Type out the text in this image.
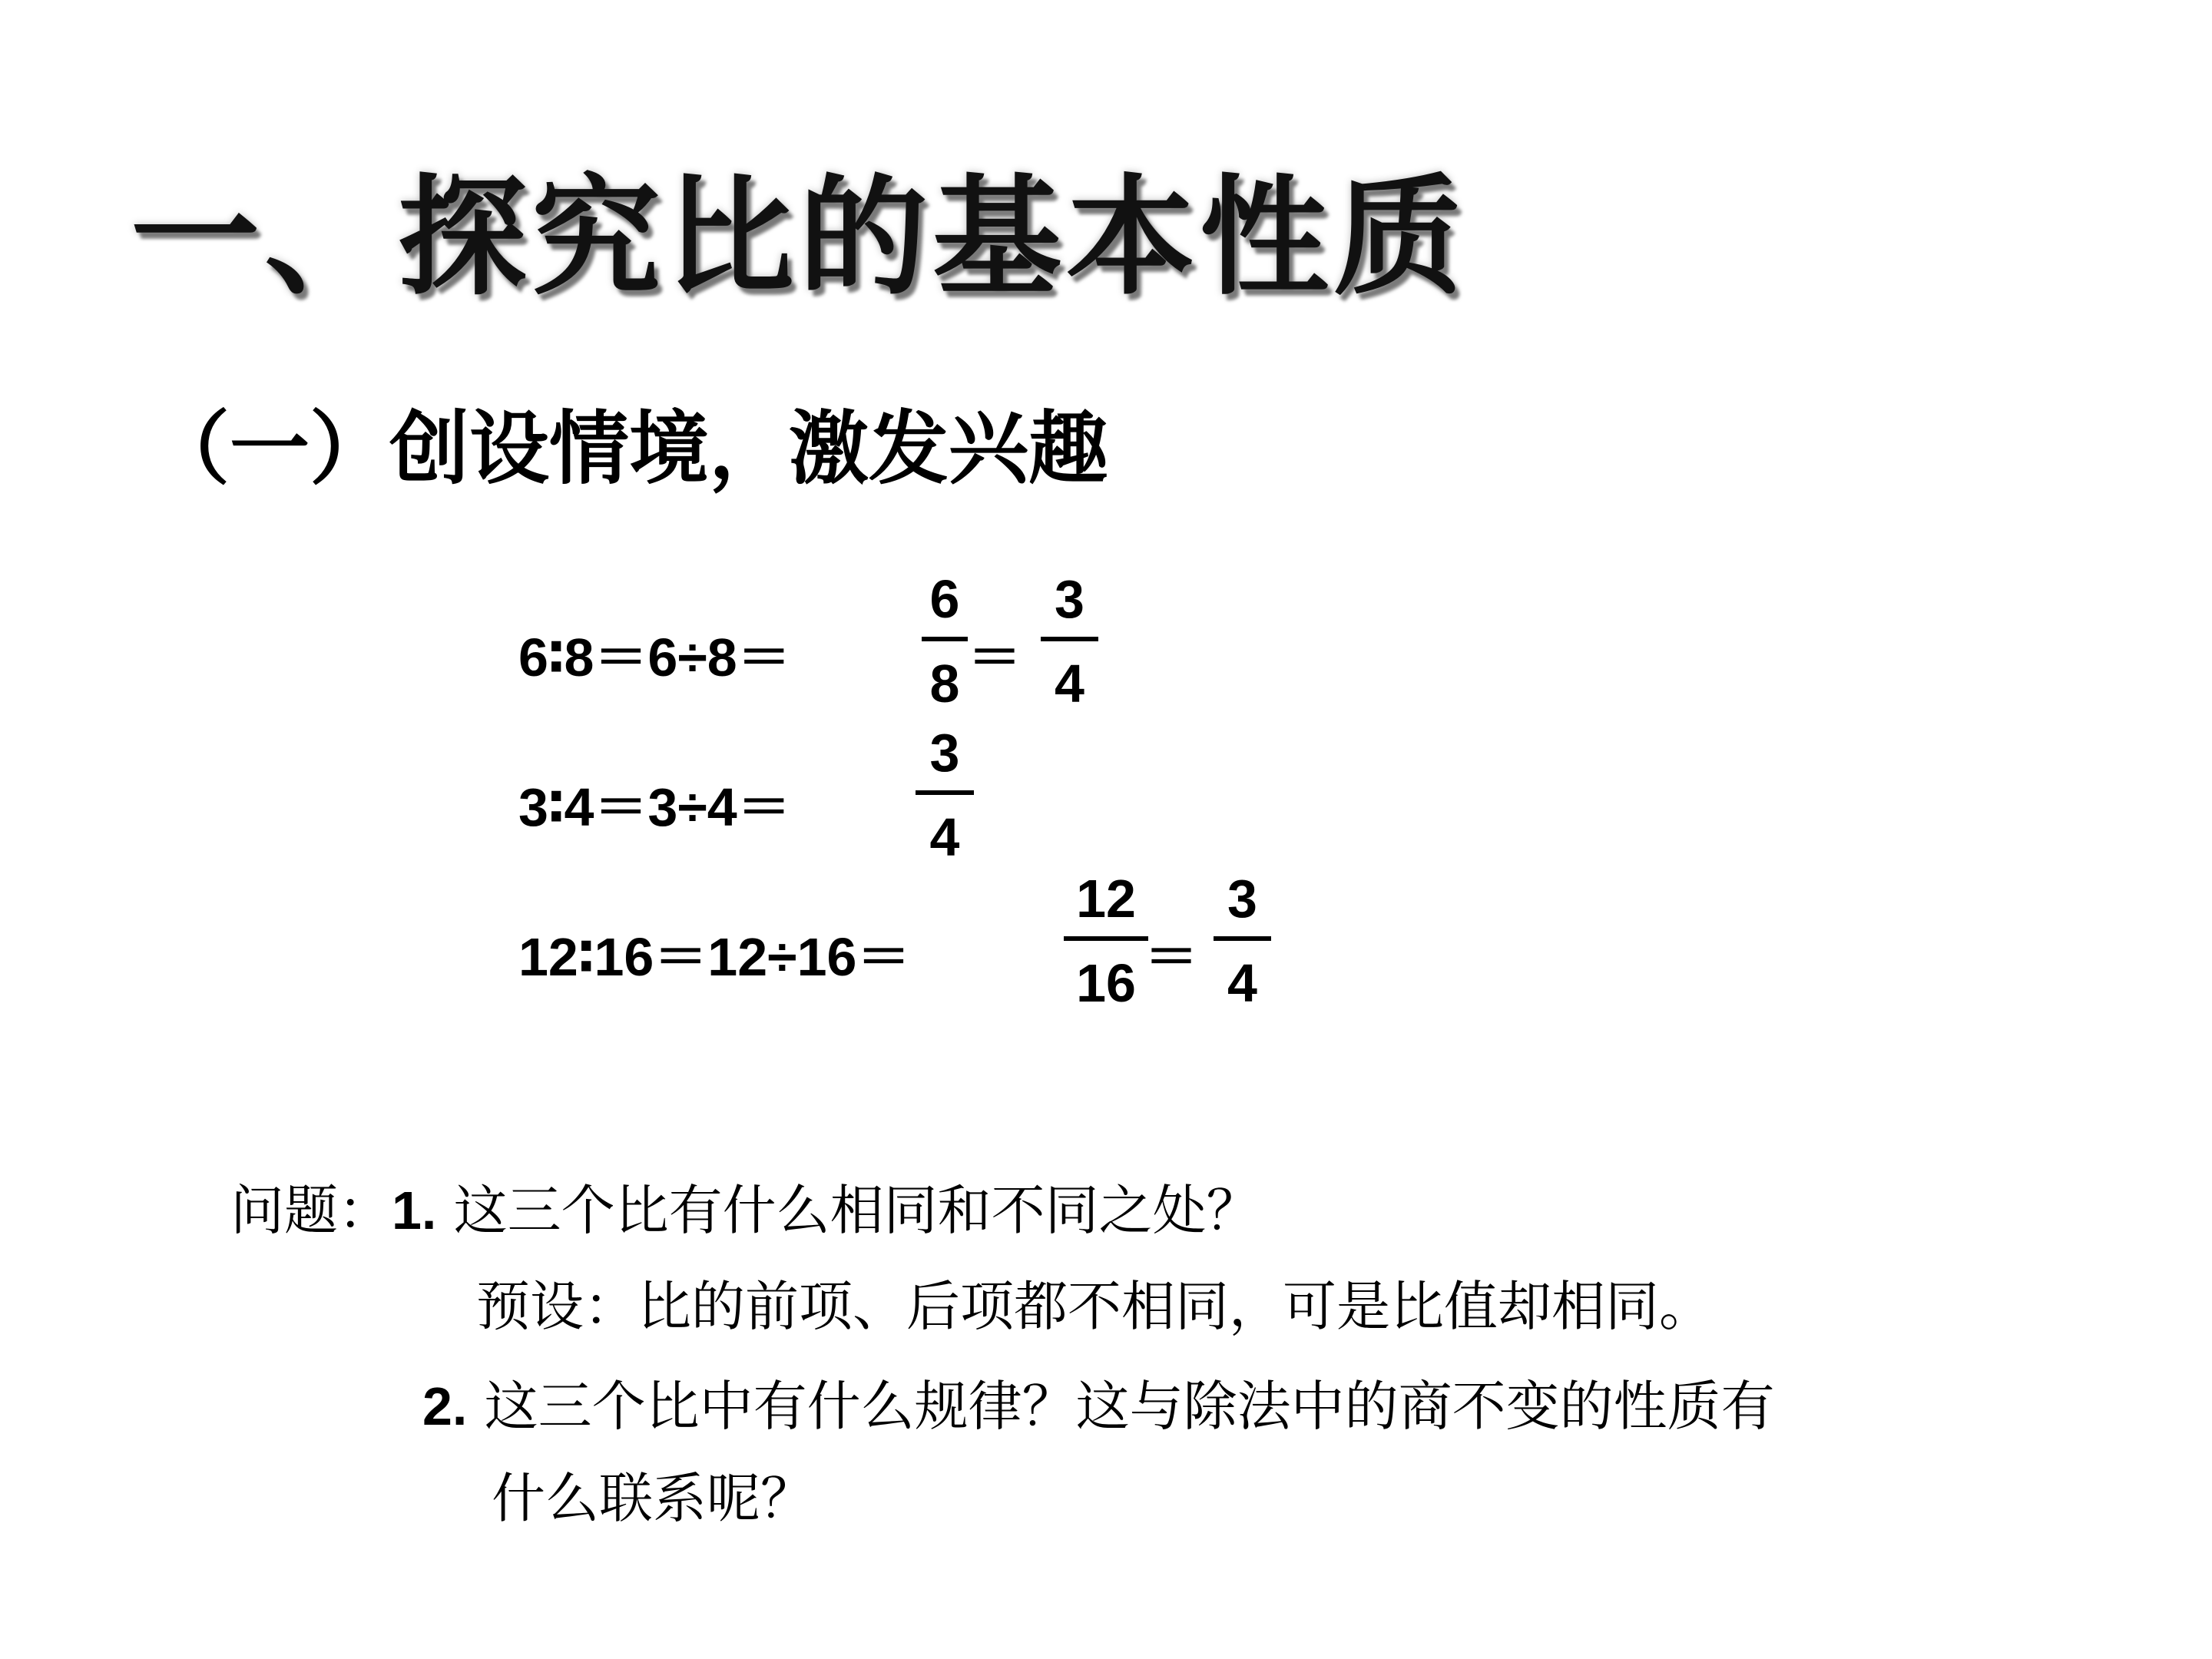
一、探究比的基本性质
（一）创设情境，激发兴趣
6∶8＝6÷8＝
6
8 ＝
3
4
3∶4＝3÷4＝
3
4
12∶16＝12÷16＝
12
16 ＝
3
4
问题：1. 这三个比有什么相同和不同之处？
预设：比的前项、后项都不相同，可是比值却相同。
2. 这三个比中有什么规律？这与除法中的商不变的性质有
什么联系呢？
